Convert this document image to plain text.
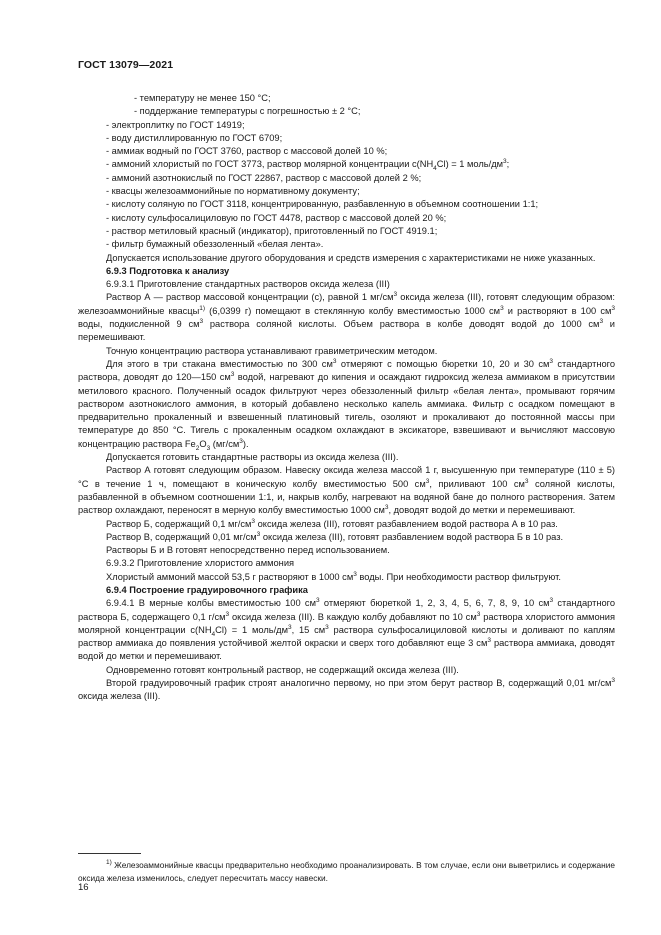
ГОСТ 13079—2021

- температуру не менее 150 °С;

- поддержание температуры с погрешностью ± 2 °С;

- электроплитку по ГОСТ 14919;

- воду дистиллированную по ГОСТ 6709;

- аммиак водный по ГОСТ 3760, раствор с массовой долей 10 %;

- аммоний хлористый по ГОСТ 3773, раствор молярной концентрации $c(NH_4Cl) = 1$ моль/$дм^3$;

- аммоний азотнокислый по ГОСТ 22867, раствор с массовой долей 2 %;

- квасцы железоаммонийные по нормативному документу;

- кислоту соляную по ГОСТ 3118, концентрированную, разбавленную в объемном соотношении 1:1;

- кислоту сульфосалициловую по ГОСТ 4478, раствор с массовой долей 20 %;

- раствор метиловый красный (индикатор), приготовленный по ГОСТ 4919.1;

- фильтр бумажный обеззоленный «белая лента».

Допускается использование другого оборудования и средств измерения с характеристиками не ниже указанных.

6.9.3 Подготовка к анализу

6.9.3.1 Приготовление стандартных растворов оксида железа (III)

Раствор А — раствор массовой концентрации (c), равной 1 $мг/см^3$ оксида железа (III), готовят следующим образом: железоаммонийные квасцы$^{1)}$ (6,0399 г) помещают в стеклянную колбу вместимостью 1000 $см^3$ и растворяют в 100 $см^3$ воды, подкисленной 9 $см^3$ раствора соляной кислоты. Объем раствора в колбе доводят водой до 1000 $см^3$ и перемешивают.

Точную концентрацию раствора устанавливают гравиметрическим методом.

Для этого в три стакана вместимостью по 300 $см^3$ отмеряют с помощью бюретки 10, 20 и 30 $см^3$ стандартного раствора, доводят до 120—150 $см^3$ водой, нагревают до кипения и осаждают гидроксид железа аммиаком в присутствии метилового красного. Полученный осадок фильтруют через обеззоленный фильтр «белая лента», промывают горячим раствором азотнокислого аммония, в который добавлено несколько капель аммиака. Фильтр с осадком помещают в предварительно прокаленный и взвешенный платиновый тигель, озоляют и прокаливают до постоянной массы при температуре до 850 °С. Тигель с прокаленным осадком охлаждают в эксикаторе, взвешивают и вычисляют массовую концентрацию раствора $Fe_2O_3$ $(мг/см^3)$.

Допускается готовить стандартные растворы из оксида железа (III).

Раствор А готовят следующим образом. Навеску оксида железа массой 1 г, высушенную при температуре (110 ± 5) °С в течение 1 ч, помещают в коническую колбу вместимостью 500 $см^3$, приливают 100 $см^3$ соляной кислоты, разбавленной в объемном соотношении 1:1, и, накрыв колбу, нагревают на водяной бане до полного растворения. Затем раствор охлаждают, переносят в мерную колбу вместимостью 1000 $см^3$, доводят водой до метки и перемешивают.

Раствор Б, содержащий 0,1 $мг/см^3$ оксида железа (III), готовят разбавлением водой раствора А в 10 раз.

Раствор В, содержащий 0,01 $мг/см^3$ оксида железа (III), готовят разбавлением водой раствора Б в 10 раз.

Растворы Б и В готовят непосредственно перед использованием.

6.9.3.2 Приготовление хлористого аммония

Хлористый аммоний массой 53,5 г растворяют в 1000 $см^3$ воды. При необходимости раствор фильтруют.

6.9.4 Построение градуировочного графика

6.9.4.1 В мерные колбы вместимостью 100 $см^3$ отмеряют бюреткой 1, 2, 3, 4, 5, 6, 7, 8, 9, 10 $см^3$ стандартного раствора Б, содержащего 0,1 $г/см^3$ оксида железа (III). В каждую колбу добавляют по 10 $см^3$ раствора хлористого аммония молярной концентрации $c(NH_4Cl) = 1$ моль/$дм^3$, 15 $см^3$ раствора сульфосалициловой кислоты и доливают по каплям раствор аммиака до появления устойчивой желтой окраски и сверх того добавляют еще 3 $см^3$ раствора аммиака, доводят водой до метки и перемешивают.

Одновременно готовят контрольный раствор, не содержащий оксида железа (III).

Второй градуировочный график строят аналогично первому, но при этом берут раствор В, содержащий 0,01 $мг/см^3$ оксида железа (III).

$^{1)}$ Железоаммонийные квасцы предварительно необходимо проанализировать. В том случае, если они выветрились и содержание оксида железа изменилось, следует пересчитать массу навески.

16
